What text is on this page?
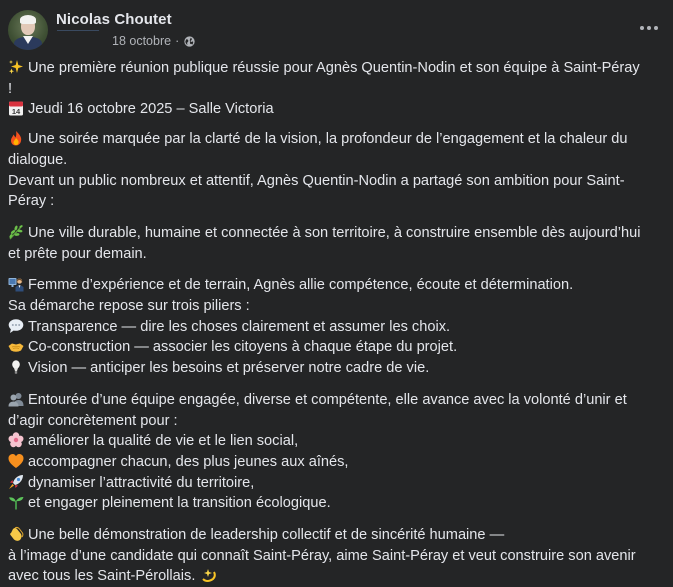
Nicolas Choutet
18 octobre ·
Une première réunion publique réussie pour Agnès Quentin-Nodin et son équipe à Saint-Péray
!
14 Jeudi 16 octobre 2025 – Salle Victoria
Une soirée marquée par la clarté de la vision, la profondeur de l’engagement et la chaleur du
dialogue.
Devant un public nombreux et attentif, Agnès Quentin-Nodin a partagé son ambition pour Saint-
Péray :
Une ville durable, humaine et connectée à son territoire, à construire ensemble dès aujourd’hui
et prête pour demain.
Femme d’expérience et de terrain, Agnès allie compétence, écoute et détermination.
Sa démarche repose sur trois piliers :
Transparence — dire les choses clairement et assumer les choix.
Co-construction — associer les citoyens à chaque étape du projet.
Vision — anticiper les besoins et préserver notre cadre de vie.
Entourée d’une équipe engagée, diverse et compétente, elle avance avec la volonté d’unir et
d’agir concrètement pour :
améliorer la qualité de vie et le lien social,
accompagner chacun, des plus jeunes aux aînés,
dynamiser l’attractivité du territoire,
et engager pleinement la transition écologique.
Une belle démonstration de leadership collectif et de sincérité humaine —
à l’image d’une candidate qui connaît Saint-Péray, aime Saint-Péray et veut construire son avenir
avec tous les Saint-Pérollais.
